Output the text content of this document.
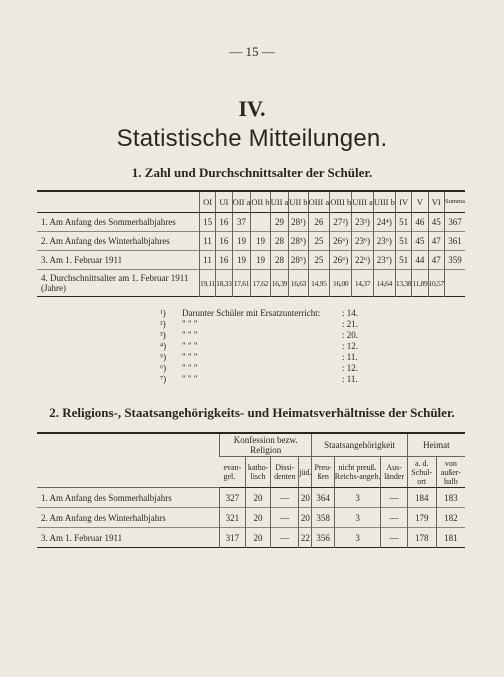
— 15 —
IV.
Statistische Mitteilungen.
1. Zahl und Durchschnittsalter der Schüler.
	OI	UI	OII a	OII b	UII a	UII b	OIII a	OIII b	UIII a	UIII b	IV	V	VI	Summa
1. Am Anfang des Sommerhalbjahres	15	16	37		29	28¹)	26	27²)	23³)	24⁴)	51	46	45	367
2. Am Anfang des Winterhalbjahres	11	16	19	19	28	28⁵)	25	26⁶)	23⁶)	23⁶)	51	45	47	361
3. Am 1. Februar 1911	11	16	19	19	28	28⁵)	25	26⁶)	22⁶)	23⁷)	51	44	47	359
4. Durchschnittsalter am 1. Februar 1911 (Jahre)	19,11	18,33	17,61	17,62	16,39	16,63	14,95	16,00	14,37	14,64	13,38	11,89	10,57	
¹)	Darunter Schüler mit Ersatzunterricht:	: 14.
²)	" " "	: 21.
³)	" " "	: 20.
⁴)	" " "	: 12.
⁵)	" " "	: 11.
⁶)	" " "	: 12.
⁷)	" " "	: 11.
2. Religions-, Staatsangehörigkeits- und Heimatsverhältnisse der Schüler.
	Konfession bezw. Religion				Staatsangehörigkeit			Heimat	
	evan-gel.	katho-lisch	Dissi-denten	jüd.	Preu-ßen	nicht preuß. Reichs-angeh.	Aus-länder	a. d. Schul-ort	von außer-halb
1. Am Anfang des Sommerhalbjahrs	327	20	—	20	364	3	—	184	183
2. Am Anfang des Winterhalbjahrs	321	20	—	20	358	3	—	179	182
3. Am 1. Februar 1911	317	20	—	22	356	3	—	178	181
